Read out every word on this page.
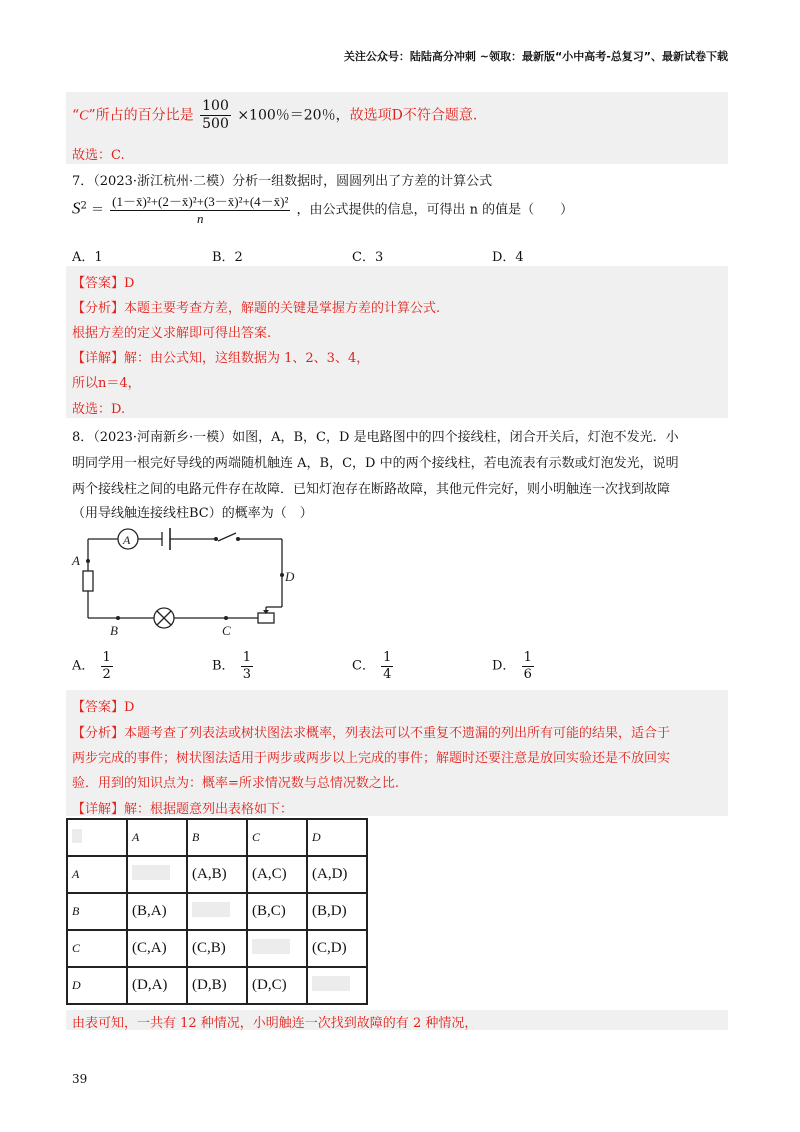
关注公众号：陆陆高分冲刺 ~领取：最新版“小中高考-总复习”、最新试卷下载
“C”所占的百分比是 $\frac{100}{500} \times 100$％＝20％，故选项D不符合题意.
故选：C.
7．（2023·浙江杭州·二模）分析一组数据时，圆圆列出了方差的计算公式
$S^2 = \frac{\text{(1－x̄)²+(2－x̄)²+(3－x̄)²+(4－x̄)²}}{n}$ ，由公式提供的信息，可得出 n 的值是（　　）
A．1	B．2	C．3	D．4
【答案】D
【分析】本题主要考查方差，解题的关键是掌握方差的计算公式.
根据方差的定义求解即可得出答案.
【详解】解：由公式知，这组数据为 1、2、3、4，
所以n＝4，
故选：D.
8．（2023·河南新乡·一模）如图，A，B，C，D 是电路图中的四个接线柱，闭合开关后，灯泡不发光．小
明同学用一根完好导线的两端随机触连 A，B，C，D 中的两个接线柱，若电流表有示数或灯泡发光，说明
两个接线柱之间的电路元件存在故障．已知灯泡存在断路故障，其他元件完好，则小明触连一次找到故障
（用导线触连接线柱BC）的概率为（　）
A
B	C
D
A
A． $\frac{1}{2}$	B． $\frac{1}{3}$	C． $\frac{1}{4}$	D． $\frac{1}{6}$
【答案】D
【分析】本题考查了列表法或树状图法求概率，列表法可以不重复不遗漏的列出所有可能的结果，适合于
两步完成的事件；树状图法适用于两步或两步以上完成的事件；解题时还要注意是放回实验还是不放回实
验．用到的知识点为：概率=所求情况数与总情况数之比.
【详解】解：根据题意列出表格如下：
	A	B	C	D
A		(A,B)	(A,C)	(A,D)
B	(B,A)		(B,C)	(B,D)
C	(C,A)	(C,B)		(C,D)
D	(D,A)	(D,B)	(D,C)	
由表可知，一共有 12 种情况，小明触连一次找到故障的有 2 种情况，
39
